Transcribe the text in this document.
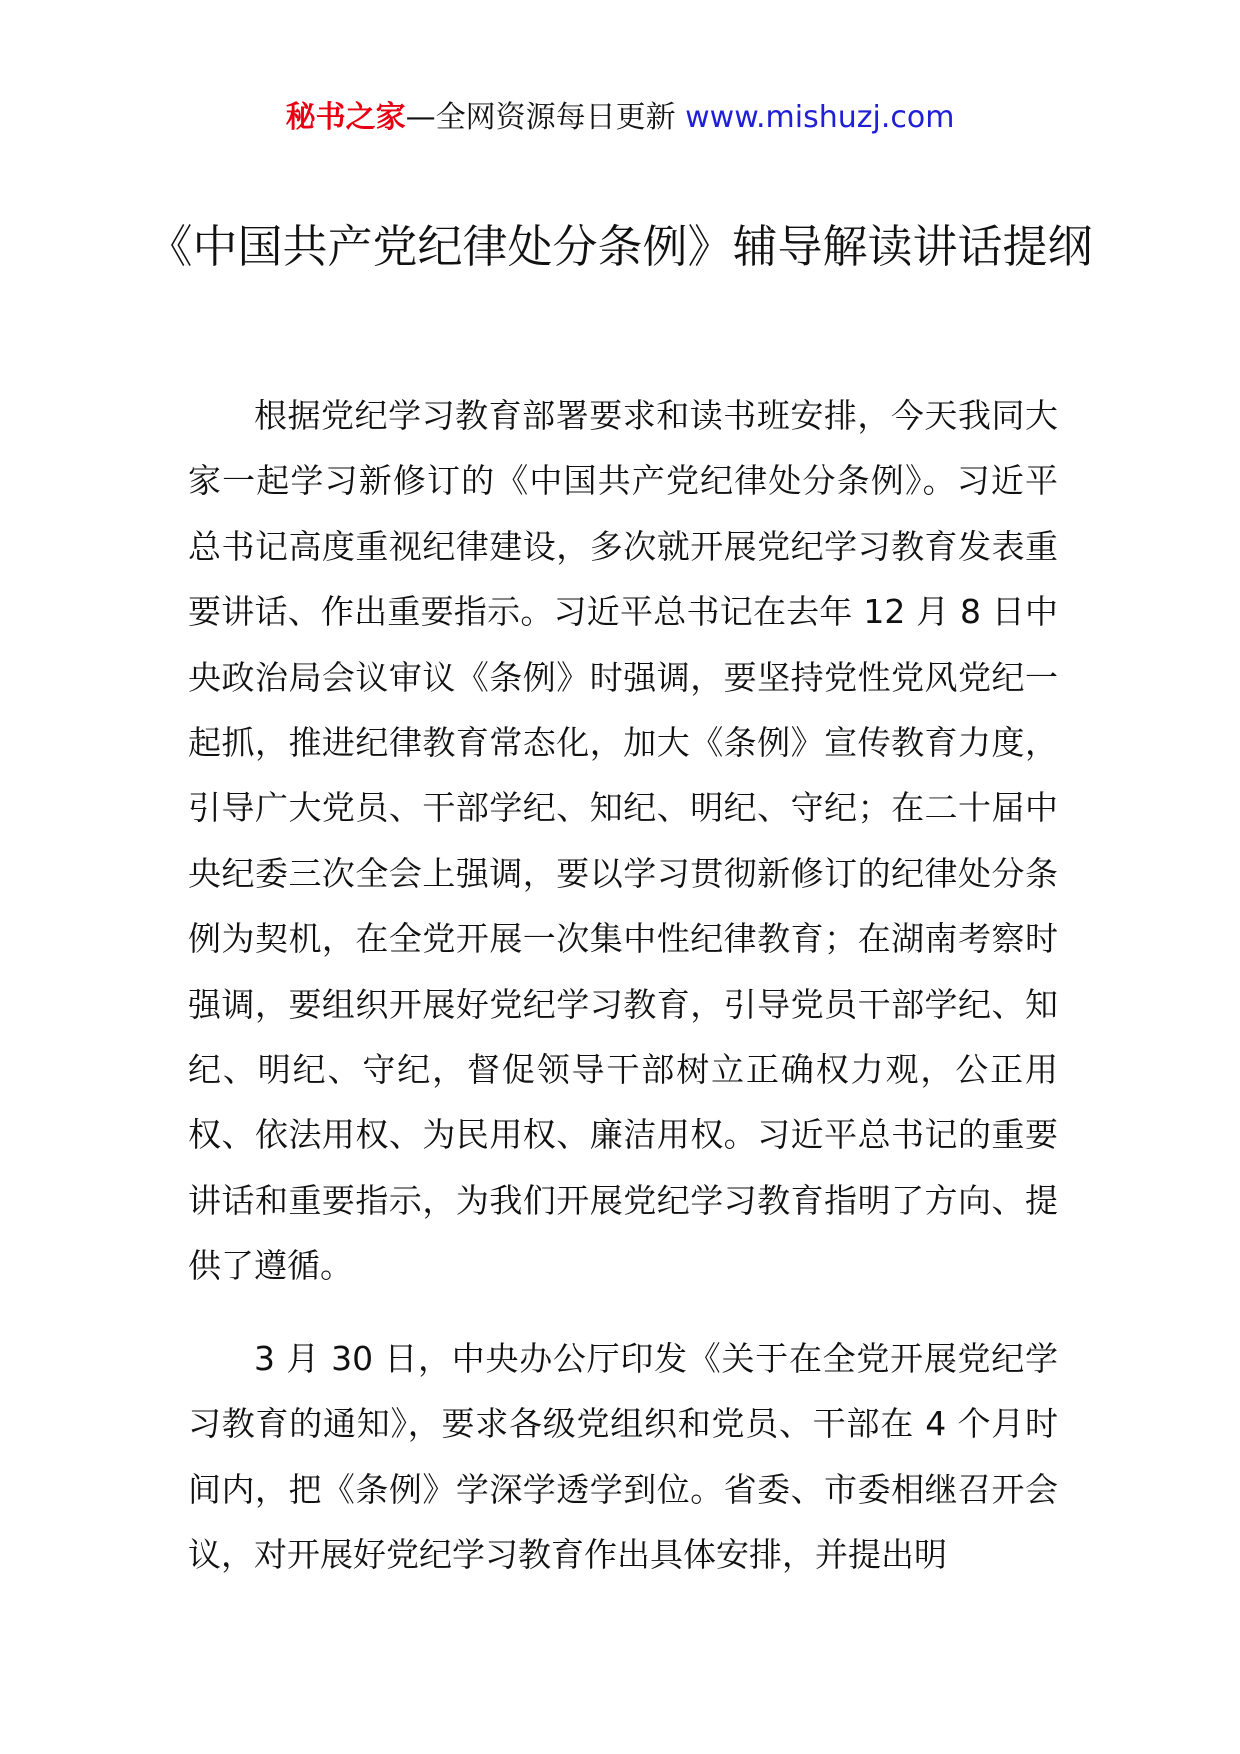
秘书之家—全网资源每日更新 www.mishuzj.com
《中国共产党纪律处分条例》辅导解读讲话提纲

根据党纪学习教育部署要求和读书班安排，今天我同大家一起学习新修订的《中国共产党纪律处分条例》。习近平总书记高度重视纪律建设，多次就开展党纪学习教育发表重要讲话、作出重要指示。习近平总书记在去年 12 月 8 日中央政治局会议审议《条例》时强调，要坚持党性党风党纪一起抓，推进纪律教育常态化，加大《条例》宣传教育力度，引导广大党员、干部学纪、知纪、明纪、守纪；在二十届中央纪委三次全会上强调，要以学习贯彻新修订的纪律处分条例为契机，在全党开展一次集中性纪律教育；在湖南考察时强调，要组织开展好党纪学习教育，引导党员干部学纪、知纪、明纪、守纪，督促领导干部树立正确权力观，公正用权、依法用权、为民用权、廉洁用权。习近平总书记的重要讲话和重要指示，为我们开展党纪学习教育指明了方向、提供了遵循。

3 月 30 日，中央办公厅印发《关于在全党开展党纪学习教育的通知》，要求各级党组织和党员、干部在 4 个月时间内，把《条例》学深学透学到位。省委、市委相继召开会议，对开展好党纪学习教育作出具体安排，并提出明
